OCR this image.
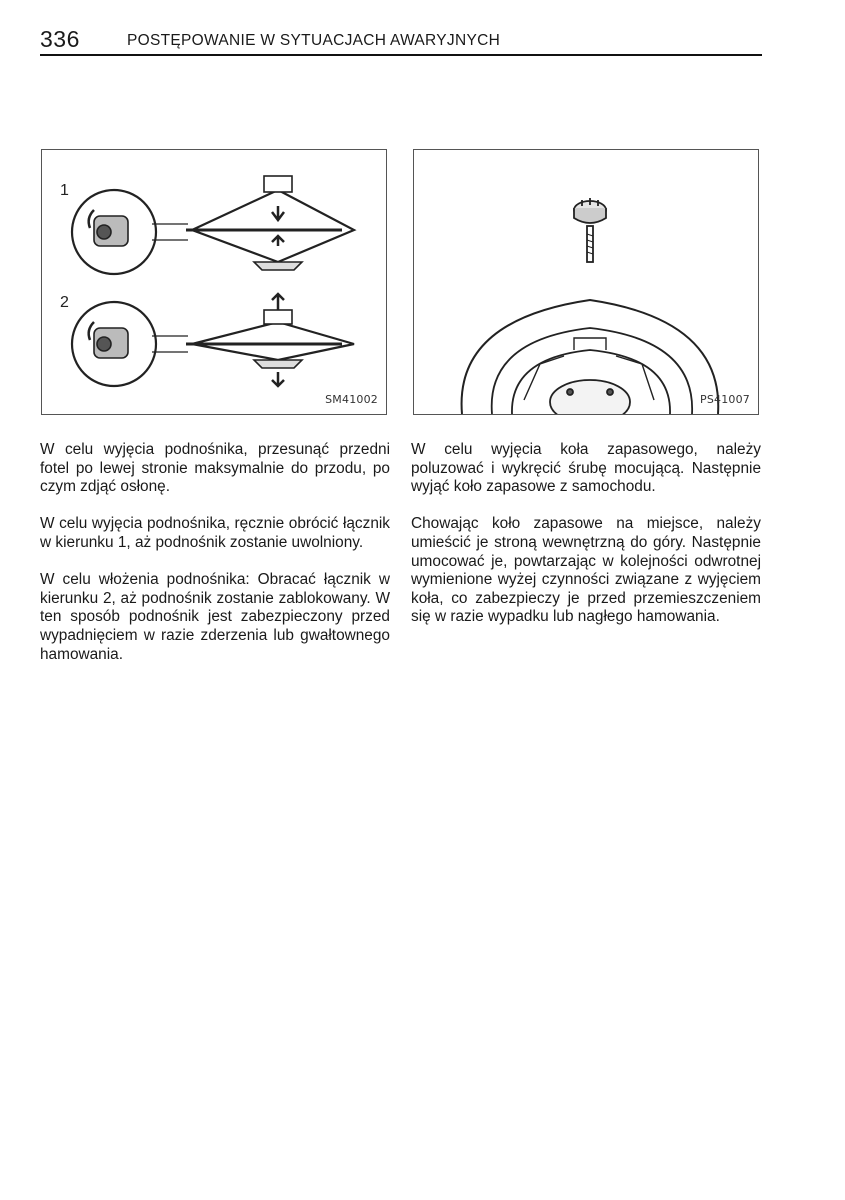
336	POSTĘPOWANIE W SYTUACJACH AWARYJNYCH
1
2
SM41002	PS41007

W celu wyjęcia podnośnika, przesunąć przedni fotel po lewej stronie maksymalnie do przodu, po czym zdjąć osłonę.

W celu wyjęcia podnośnika, ręcznie obrócić łącznik w kierunku 1, aż podnośnik zostanie uwolniony.

W celu włożenia podnośnika: Obracać łącznik w kierunku 2, aż podnośnik zostanie zablokowany. W ten sposób podnośnik jest zabezpieczony przed wypadnięciem w razie zderzenia lub gwałtownego hamowania.

W celu wyjęcia koła zapasowego, należy poluzować i wykręcić śrubę mocującą. Następnie wyjąć koło zapasowe z samochodu.

Chowając koło zapasowe na miejsce, należy umieścić je stroną wewnętrzną do góry. Następnie umocować je, powtarzając w kolejności odwrotnej wymienione wyżej czynności związane z wyjęciem koła, co zabezpieczy je przed przemieszczeniem się w razie wypadku lub nagłego hamowania.
